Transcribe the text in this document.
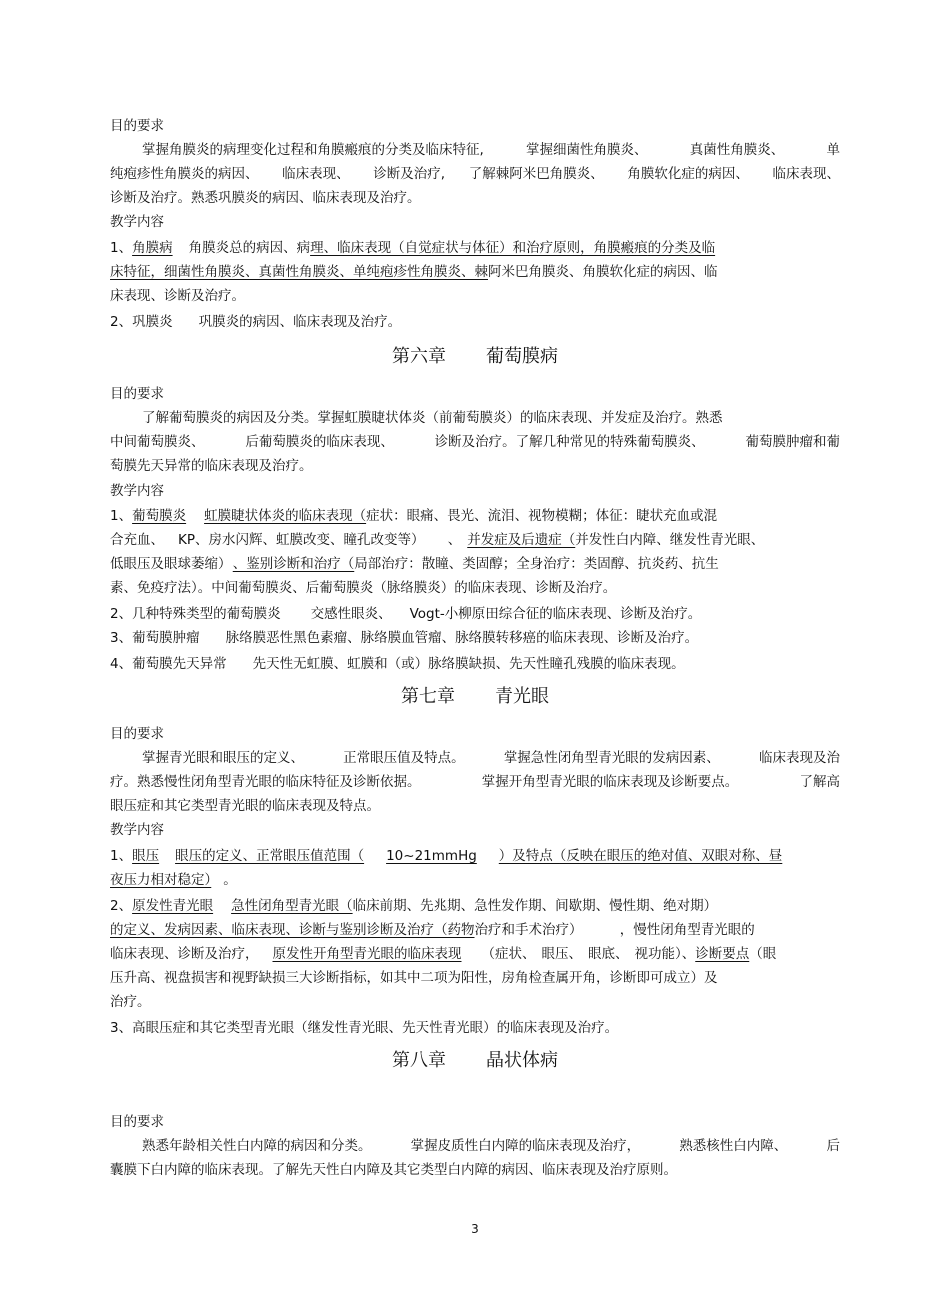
目的要求
掌握角膜炎的病理变化过程和角膜瘢痕的分类及临床特征,	掌握细菌性角膜炎、	真菌性角膜炎、	单
纯疱疹性角膜炎的病因、 临床表现、 诊断及治疗, 了解棘阿米巴角膜炎、 角膜软化症的病因、 临床表现、
诊断及治疗。熟悉巩膜炎的病因、临床表现及治疗。
教学内容
1、角膜病 角膜炎总的病因、病理、临床表现（自觉症状与体征）和治疗原则，角膜瘢痕的分类及临
床特征，细菌性角膜炎、真菌性角膜炎、单纯疱疹性角膜炎、棘阿米巴角膜炎、角膜软化症的病因、临
床表现、诊断及治疗。
2、巩膜炎 巩膜炎的病因、临床表现及治疗。
第六章 葡萄膜病
目的要求
了解葡萄膜炎的病因及分类。掌握虹膜睫状体炎（前葡萄膜炎）的临床表现、并发症及治疗。熟悉
中间葡萄膜炎、	后葡萄膜炎的临床表现、	诊断及治疗。了解几种常见的特殊葡萄膜炎、	葡萄膜肿瘤和葡
萄膜先天异常的临床表现及治疗。
教学内容
1、葡萄膜炎 虹膜睫状体炎的临床表现（症状：眼痛、畏光、流泪、视物模糊；体征：睫状充血或混
合充血、 KP、房水闪辉、虹膜改变、瞳孔改变等） 、 并发症及后遗症（并发性白内障、继发性青光眼、
低眼压及眼球萎缩） 、鉴别诊断和治疗（局部治疗：散瞳、类固醇；全身治疗：类固醇、抗炎药、抗生
素、免疫疗法）。中间葡萄膜炎、后葡萄膜炎（脉络膜炎）的临床表现、诊断及治疗。
2、几种特殊类型的葡萄膜炎 交感性眼炎、 Vogt-小柳原田综合征的临床表现、诊断及治疗。
3、葡萄膜肿瘤 脉络膜恶性黑色素瘤、脉络膜血管瘤、脉络膜转移癌的临床表现、诊断及治疗。
4、葡萄膜先天异常 先天性无虹膜、虹膜和（或）脉络膜缺损、先天性瞳孔残膜的临床表现。
第七章 青光眼
目的要求
掌握青光眼和眼压的定义、	正常眼压值及特点。	掌握急性闭角型青光眼的发病因素、	临床表现及治
疗。熟悉慢性闭角型青光眼的临床特征及诊断依据。	掌握开角型青光眼的临床表现及诊断要点。	了解高
眼压症和其它类型青光眼的临床表现及特点。
教学内容
1、眼压 眼压的定义、正常眼压值范围（ 10~21mmHg ）及特点（反映在眼压的绝对值、双眼对称、昼
夜压力相对稳定） 。
2、原发性青光眼 急性闭角型青光眼（临床前期、先兆期、急性发作期、间歇期、慢性期、绝对期）
的定义、发病因素、临床表现、诊断与鉴别诊断及治疗（药物治疗和手术治疗）	，慢性闭角型青光眼的
临床表现、诊断及治疗， 原发性开角型青光眼的临床表现 （症状、 眼压、 眼底、 视功能）、诊断要点（眼
压升高、视盘损害和视野缺损三大诊断指标，如其中二项为阳性，房角检查属开角，诊断即可成立）及
治疗。
3、高眼压症和其它类型青光眼（继发性青光眼、先天性青光眼）的临床表现及治疗。
第八章 晶状体病
目的要求
熟悉年龄相关性白内障的病因和分类。	掌握皮质性白内障的临床表现及治疗，	熟悉核性白内障、	后
囊膜下白内障的临床表现。了解先天性白内障及其它类型白内障的病因、临床表现及治疗原则。
3
